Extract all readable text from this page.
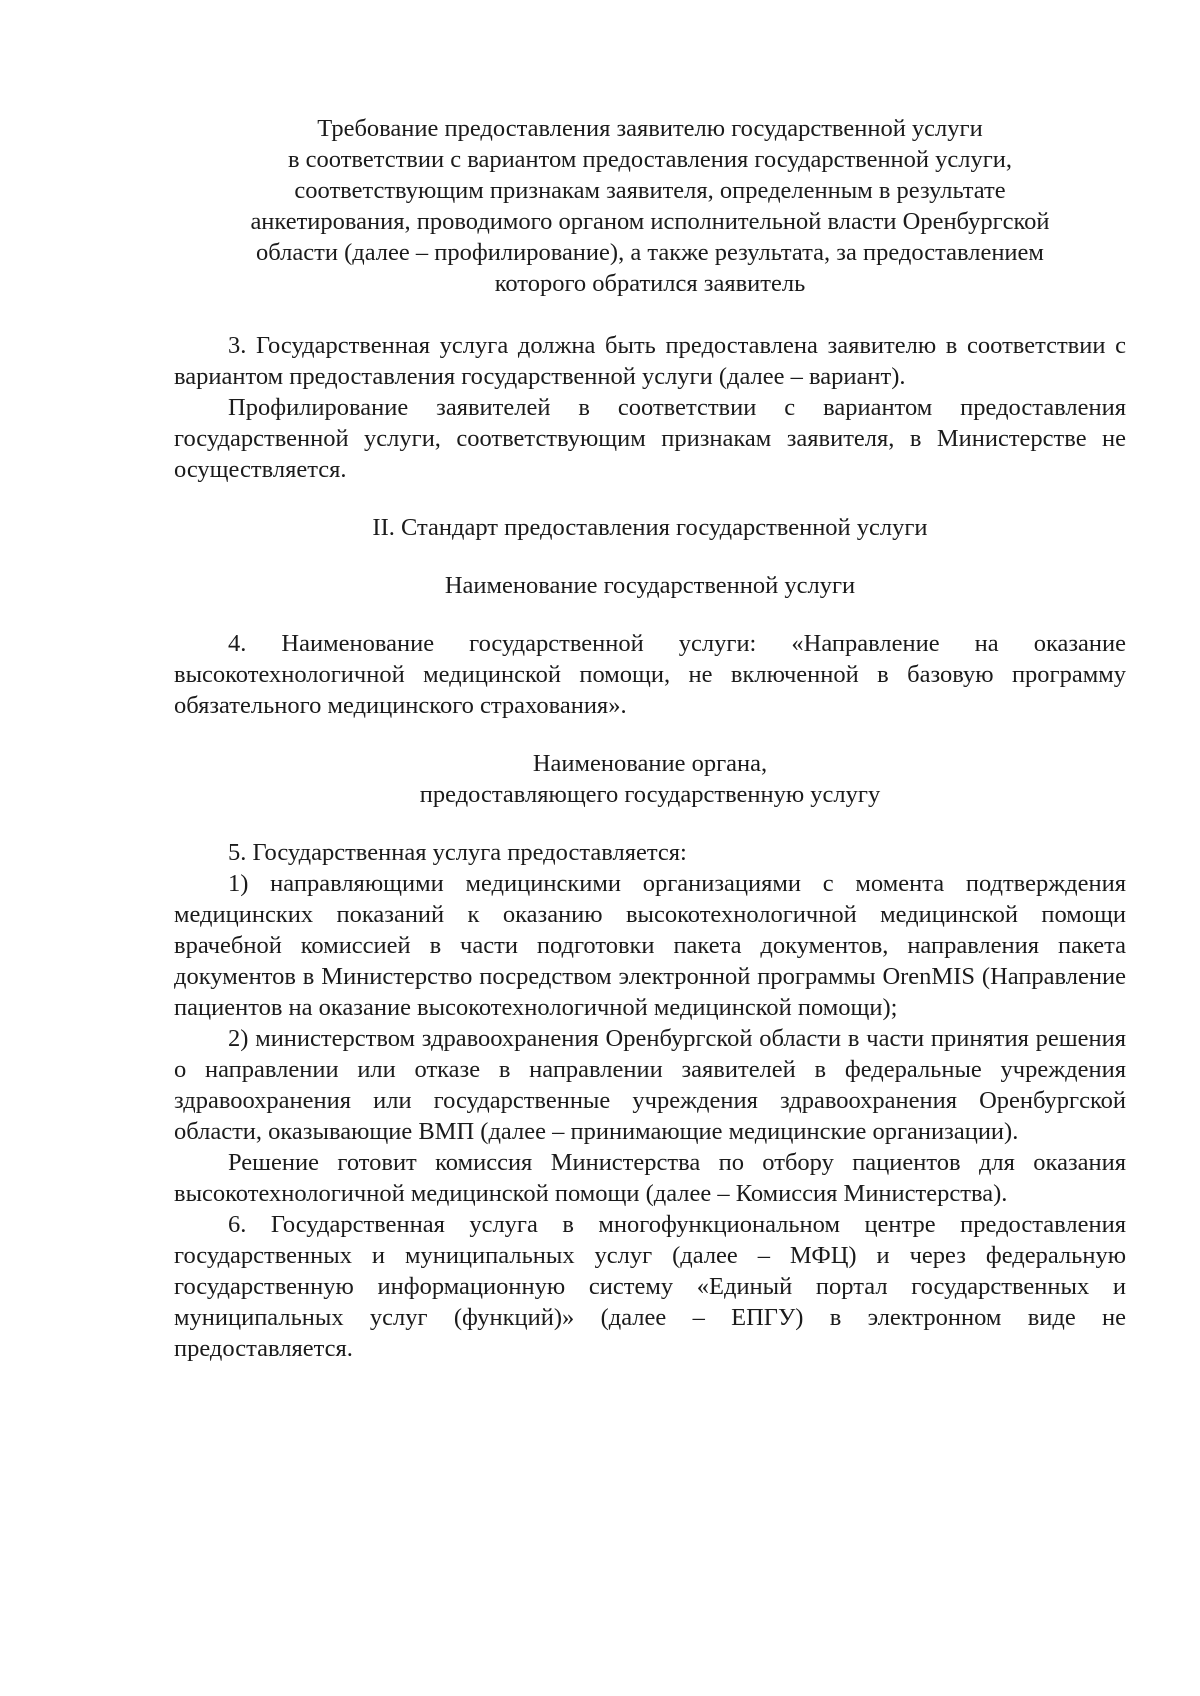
Требование предоставления заявителю государственной услуги
в соответствии с вариантом предоставления государственной услуги,
соответствующим признакам заявителя, определенным в результате
анкетирования, проводимого органом исполнительной власти Оренбургской
области (далее – профилирование), а также результата, за предоставлением
которого обратился заявитель

3. Государственная услуга должна быть предоставлена заявителю в соответствии с вариантом предоставления государственной услуги (далее – вариант).

Профилирование заявителей в соответствии с вариантом предоставления государственной услуги, соответствующим признакам заявителя, в Министерстве не осуществляется.

II. Стандарт предоставления государственной услуги

Наименование государственной услуги

4. Наименование государственной услуги: «Направление на оказание высокотехнологичной медицинской помощи, не включенной в базовую программу обязательного медицинского страхования».

Наименование органа,
предоставляющего государственную услугу

5. Государственная услуга предоставляется:

1) направляющими медицинскими организациями с момента подтверждения медицинских показаний к оказанию высокотехнологичной медицинской помощи врачебной комиссией в части подготовки пакета документов, направления пакета документов в Министерство посредством электронной программы OrenMIS (Направление пациентов на оказание высокотехнологичной медицинской помощи);

2) министерством здравоохранения Оренбургской области в части принятия решения о направлении или отказе в направлении заявителей в федеральные учреждения здравоохранения или государственные учреждения здравоохранения Оренбургской области, оказывающие ВМП (далее – принимающие медицинские организации).

Решение готовит комиссия Министерства по отбору пациентов для оказания высокотехнологичной медицинской помощи (далее – Комиссия Министерства).

6. Государственная услуга в многофункциональном центре предоставления государственных и муниципальных услуг (далее – МФЦ) и через федеральную государственную информационную систему «Единый портал государственных и муниципальных услуг (функций)» (далее – ЕПГУ) в электронном виде не предоставляется.
